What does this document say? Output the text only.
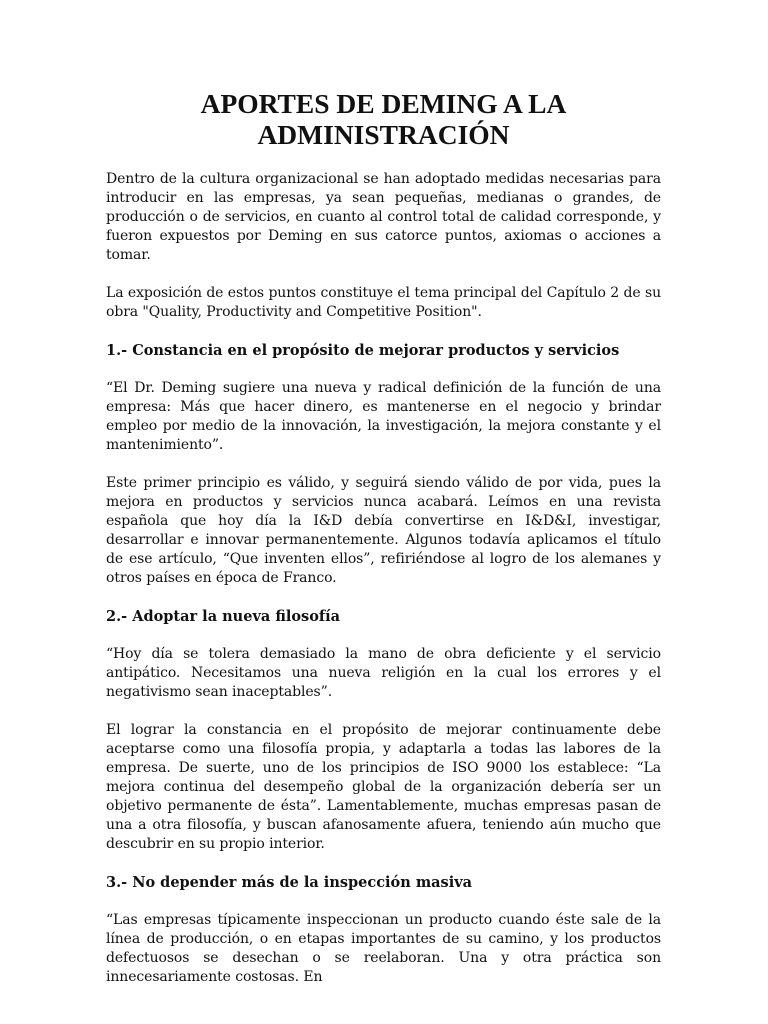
APORTES DE DEMING A LA
ADMINISTRACIÓN

Dentro de la cultura organizacional se han adoptado medidas necesarias para introducir en las empresas, ya sean pequeñas, medianas o grandes, de producción o de servicios, en cuanto al control total de calidad corresponde, y fueron expuestos por Deming en sus catorce puntos, axiomas o acciones a tomar.

La exposición de estos puntos constituye el tema principal del Capítulo 2 de su obra "Quality, Productivity and Competitive Position".

1.- Constancia en el propósito de mejorar productos y servicios

“El Dr. Deming sugiere una nueva y radical definición de la función de una empresa: Más que hacer dinero, es mantenerse en el negocio y brindar empleo por medio de la innovación, la investigación, la mejora constante y el mantenimiento”.

Este primer principio es válido, y seguirá siendo válido de por vida, pues la mejora en productos y servicios nunca acabará. Leímos en una revista española que hoy día la I&D debía convertirse en I&D&I, investigar, desarrollar e innovar permanentemente. Algunos todavía aplicamos el título de ese artículo, “Que inventen ellos”, refiriéndose al logro de los alemanes y otros países en época de Franco.

2.- Adoptar la nueva filosofía

“Hoy día se tolera demasiado la mano de obra deficiente y el servicio antipático. Necesitamos una nueva religión en la cual los errores y el negativismo sean inaceptables”.

El lograr la constancia en el propósito de mejorar continuamente debe aceptarse como una filosofía propia, y adaptarla a todas las labores de la empresa. De suerte, uno de los principios de ISO 9000 los establece: “La mejora continua del desempeño global de la organización debería ser un objetivo permanente de ésta”. Lamentablemente, muchas empresas pasan de una a otra filosofía, y buscan afanosamente afuera, teniendo aún mucho que descubrir en su propio interior.

3.- No depender más de la inspección masiva

“Las empresas típicamente inspeccionan un producto cuando éste sale de la línea de producción, o en etapas importantes de su camino, y los productos defectuosos se desechan o se reelaboran. Una y otra práctica son innecesariamente costosas. En
